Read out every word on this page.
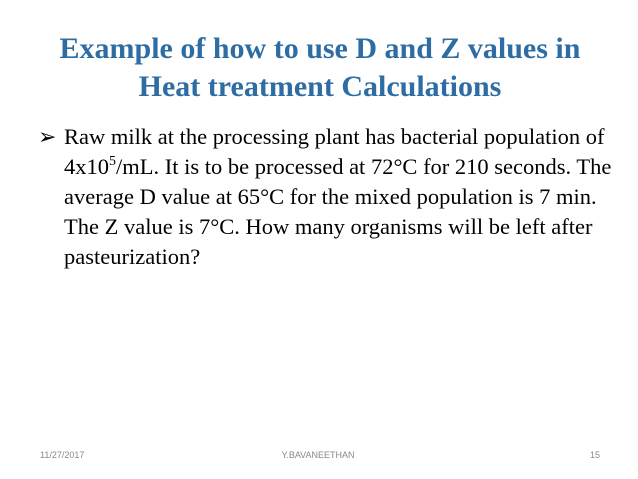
Example of how to use D and Z values in
Heat treatment Calculations
➢ Raw milk at the processing plant has bacterial population of $4x10^5/mL$. It is to be processed at 72°C for 210 seconds. The average D value at 65°C for the mixed population is 7 min. The Z value is 7°C. How many organisms will be left after pasteurization?
11/27/2017	Y.BAVANEETHAN	15
